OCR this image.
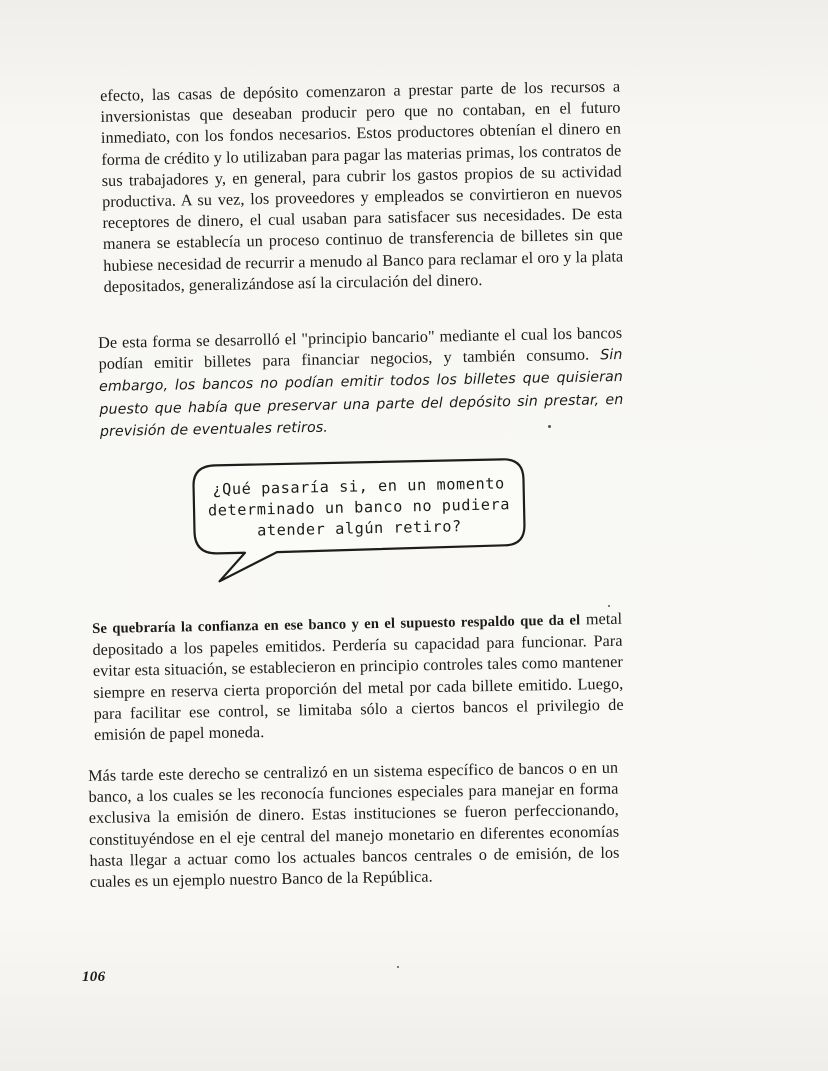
efecto, las casas de depósito comenzaron a prestar parte de los recursos a inversionistas que deseaban producir pero que no contaban, en el futuro inmediato, con los fondos necesarios. Estos productores obtenían el dinero en forma de crédito y lo utilizaban para pagar las materias primas, los contratos de sus trabajadores y, en general, para cubrir los gastos propios de su actividad productiva. A su vez, los proveedores y empleados se convirtieron en nuevos receptores de dinero, el cual usaban para satisfacer sus necesidades. De esta manera se establecía un proceso continuo de transferencia de billetes sin que hubiese necesidad de recurrir a menudo al Banco para reclamar el oro y la plata depositados, generalizándose así la circulación del dinero.

De esta forma se desarrolló el "principio bancario" mediante el cual los bancos podían emitir billetes para financiar negocios, y también consumo. Sin embargo, los bancos no podían emitir todos los billetes que quisieran puesto que había que preservar una parte del depósito sin prestar, en previsión de eventuales retiros.

¿Qué pasaría si, en un momento
determinado un banco no pudiera
atender algún retiro?

Se quebraría la confianza en ese banco y en el supuesto respaldo que da el metal depositado a los papeles emitidos. Perdería su capacidad para funcionar. Para evitar esta situación, se establecieron en principio controles tales como mantener siempre en reserva cierta proporción del metal por cada billete emitido. Luego, para facilitar ese control, se limitaba sólo a ciertos bancos el privilegio de emisión de papel moneda.

Más tarde este derecho se centralizó en un sistema específico de bancos o en un banco, a los cuales se les reconocía funciones especiales para manejar en forma exclusiva la emisión de dinero. Estas instituciones se fueron perfeccionando, constituyéndose en el eje central del manejo monetario en diferentes economías hasta llegar a actuar como los actuales bancos centrales o de emisión, de los cuales es un ejemplo nuestro Banco de la República.

106
